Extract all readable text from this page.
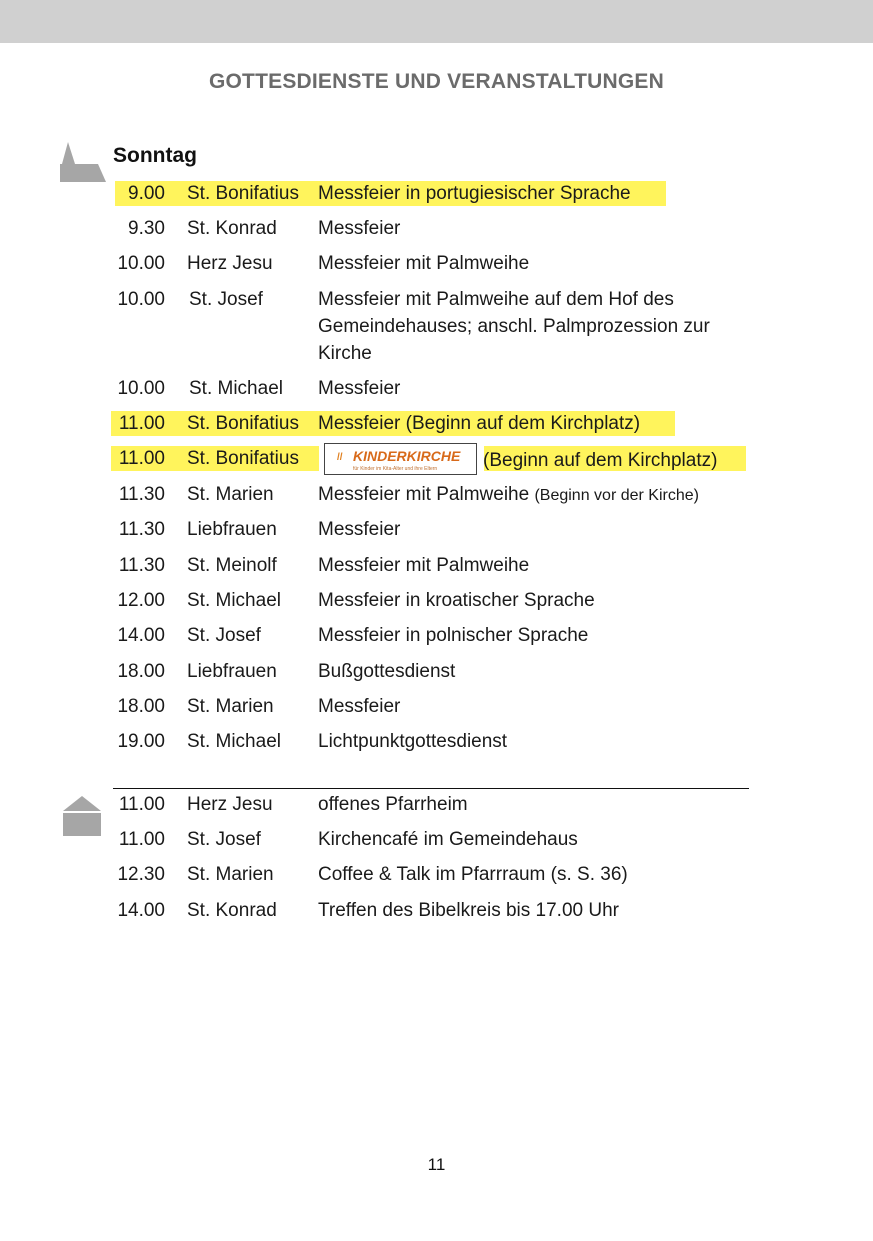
GOTTESDIENSTE UND VERANSTALTUNGEN
Sonntag
9.00 St. Bonifatius Messfeier in portugiesischer Sprache
9.30 St. Konrad Messfeier
10.00 Herz Jesu Messfeier mit Palmweihe
10.00 St. Josef	Messfeier mit Palmweihe auf dem Hof des Gemeindehauses; anschl. Palmprozession zur Kirche
10.00 St. Michael Messfeier
11.00 St. Bonifatius Messfeier (Beginn auf dem Kirchplatz)
11.00 St. Bonifatius	// KINDERKIRCHE
für Kinder im Kita-Alter und ihre Eltern (Beginn auf dem Kirchplatz)
11.30 St. Marien Messfeier mit Palmweihe (Beginn vor der Kirche)
11.30 Liebfrauen Messfeier
11.30 St. Meinolf Messfeier mit Palmweihe
12.00 St. Michael Messfeier in kroatischer Sprache
14.00 St. Josef	Messfeier in polnischer Sprache
18.00 Liebfrauen Bußgottesdienst
18.00 St. Marien Messfeier
19.00 St. Michael Lichtpunktgottesdienst
11.00 Herz Jesu offenes Pfarrheim
11.00 St. Josef	Kirchencafé im Gemeindehaus
12.30 St. Marien Coffee & Talk im Pfarrraum (s. S. 36)
14.00 St. Konrad Treffen des Bibelkreis bis 17.00 Uhr
11
